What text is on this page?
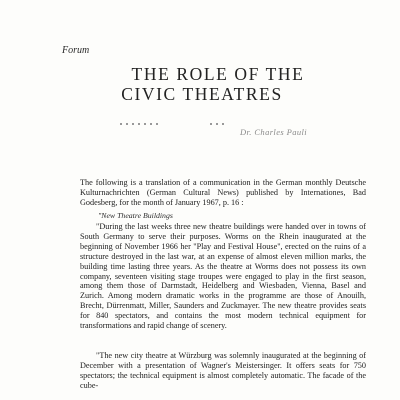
Forum
THE ROLE OF THE
CIVIC THEATRES
Dr. Charles Pauli
The following is a translation of a communication in the German monthly Deutsche Kulturnachrichten (German Cultural News) published by Internationes, Bad Godesberg, for the month of January 1967, p. 16 :
"New Theatre Buildings
"During the last weeks three new theatre buildings were handed over in towns of South Germany to serve their purposes. Worms on the Rhein inaugurated at the beginning of November 1966 her "Play and Festival House", erected on the ruins of a structure destroyed in the last war, at an expense of almost eleven million marks, the building time lasting three years. As the theatre at Worms does not possess its own company, seventeen visiting stage troupes were engaged to play in the first season, among them those of Darmstadt, Heidelberg and Wiesbaden, Vienna, Basel and Zurich. Among modern dramatic works in the programme are those of Anouilh, Brecht, Dürrenmatt, Miller, Saunders and Zuckmayer. The new theatre provides seats for 840 spectators, and contains the most modern technical equipment for transformations and rapid change of scenery.
"The new city theatre at Würzburg was solemnly inaugurated at the beginning of December with a presentation of Wagner's Meistersinger. It offers seats for 750 spectators; the technical equipment is almost completely automatic. The facade of the cube-
